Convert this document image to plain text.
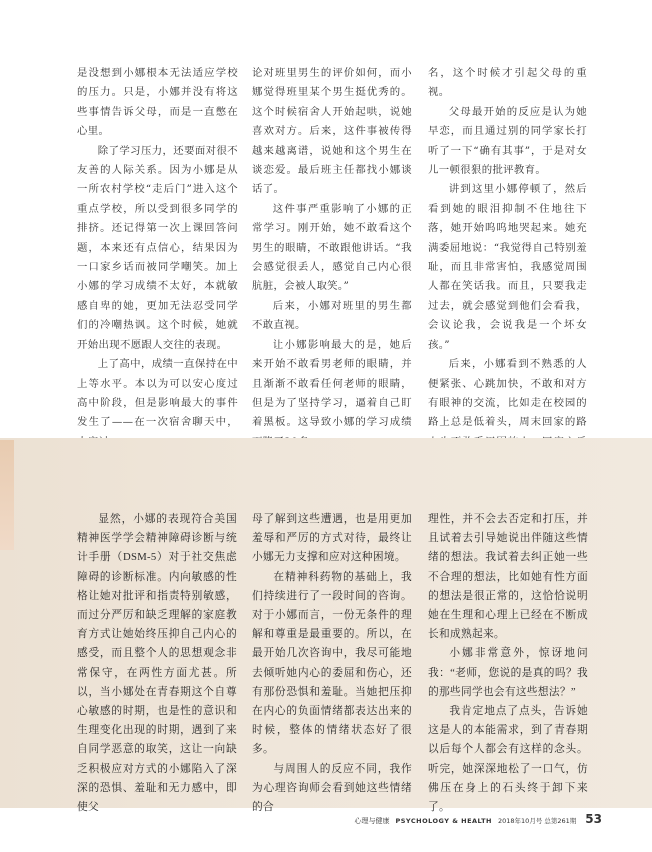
是没想到小娜根本无法适应学校的压力。只是，小娜并没有将这些事情告诉父母，而是一直憋在心里。

除了学习压力，还要面对很不友善的人际关系。因为小娜是从一所农村学校“走后门”进入这个重点学校，所以受到很多同学的排挤。还记得第一次上课回答问题，本来还有点信心，结果因为一口家乡话而被同学嘲笑。加上小娜的学习成绩不太好，本就敏感自卑的她，更加无法忍受同学们的冷嘲热讽。这个时候，她就开始出现不愿跟人交往的表现。

上了高中，成绩一直保持在中上等水平。本以为可以安心度过高中阶段，但是影响最大的事件发生了——在一次宿舍聊天中，

论对班里男生的评价如何，而小娜觉得班里某个男生挺优秀的。这个时候宿舍人开始起哄，说她喜欢对方。后来，这件事被传得越来越离谱，说她和这个男生在谈恋爱。最后班主任都找小娜谈话了。

这件事严重影响了小娜的正常学习。刚开始，她不敢看这个男生的眼睛，不敢跟他讲话。“我会感觉很丢人，感觉自己内心很肮脏，会被人取笑。”

后来，小娜对班里的男生都不敢直视。

让小娜影响最大的是，她后来开始不敢看男老师的眼睛，并且渐渐不敢看任何老师的眼睛，但是为了坚持学习，逼着自己盯着黑板。这导致小娜的学习成绩

名，这个时候才引起父母的重视。

父母最开始的反应是认为她早恋，而且通过别的同学家长打听了一下“确有其事”，于是对女儿一顿很狠的批评教育。

讲到这里小娜停顿了，然后看到她的眼泪抑制不住地往下落，她开始呜呜地哭起来。她充满委屈地说：“我觉得自己特别羞耻，而且非常害怕，我感觉周围人都在笑话我。而且，只要我走过去，就会感觉到他们会看我，会议论我，会说我是一个坏女孩。”

后来，小娜看到不熟悉的人便紧张、心跳加快，不敢和对方有眼神的交流，比如走在校园的路上总是低着头，周末回家的路

显然，小娜的表现符合美国精神医学学会精神障碍诊断与统计手册（DSM-5）对于社交焦虑障碍的诊断标准。内向敏感的性格让她对批评和指责特别敏感，而过分严厉和缺乏理解的家庭教育方式让她始终压抑自己内心的感受，而且整个人的思想观念非常保守，在两性方面尤甚。所以，当小娜处在青春期这个自尊心敏感的时期，也是性的意识和生理变化出现的时期，遇到了来自同学恶意的取笑，这让一向缺乏积极应对方式的小娜陷入了深深的恐惧、羞耻和无力感中，即使父

母了解到这些遭遇，也是用更加羞辱和严厉的方式对待，最终让小娜无力支撑和应对这种困境。

在精神科药物的基础上，我们持续进行了一段时间的咨询。对于小娜而言，一份无条件的理解和尊重是最重要的。所以，在最开始几次咨询中，我尽可能地去倾听她内心的委屈和伤心，还有那份恐惧和羞耻。当她把压抑在内心的负面情绪都表达出来的时候，整体的情绪状态好了很多。

与周围人的反应不同，我作为心理咨询师会看到她这些情绪的合

理性，并不会去否定和打压，并且试着去引导她说出伴随这些情绪的想法。我试着去纠正她一些不合理的想法，比如她有性方面的想法是很正常的，这恰恰说明她在生理和心理上已经在不断成长和成熟起来。

小娜非常意外，惊讶地问我：“老师，您说的是真的吗？我的那些同学也会有这些想法？”

我肯定地点了点头，告诉她这是人的本能需求，到了青春期以后每个人都会有这样的念头。听完，她深深地松了一口气，仿佛压在身上的石头终于卸下来了。

心理与健康 PSYCHOLOGY & HEALTH 2018年10月号 总第261期 53
